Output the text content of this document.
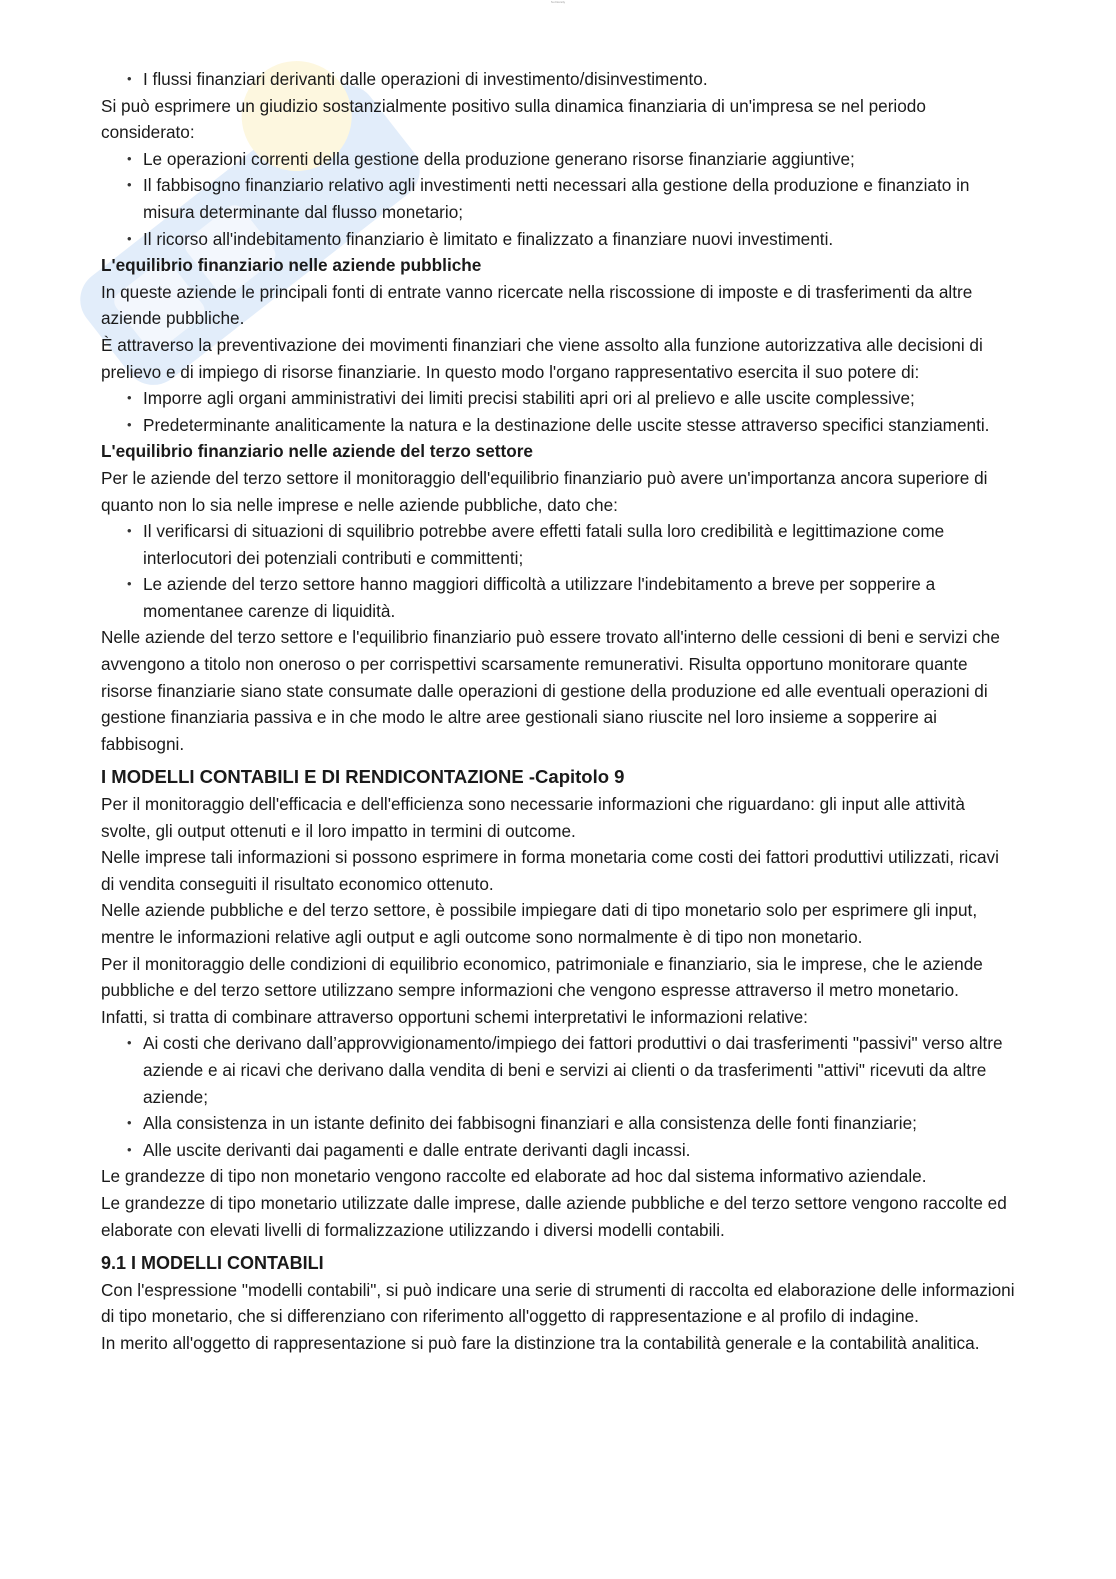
Su Docsity
• I flussi finanziari derivanti dalle operazioni di investimento/disinvestimento.

Si può esprimere un giudizio sostanzialmente positivo sulla dinamica finanziaria di un'impresa se nel periodo considerato:

• Le operazioni correnti della gestione della produzione generano risorse finanziarie aggiuntive;
• Il fabbisogno finanziario relativo agli investimenti netti necessari alla gestione della produzione e finanziato in misura determinante dal flusso monetario;
• Il ricorso all'indebitamento finanziario è limitato e finalizzato a finanziare nuovi investimenti.
L'equilibrio finanziario nelle aziende pubbliche

In queste aziende le principali fonti di entrate vanno ricercate nella riscossione di imposte e di trasferimenti da altre aziende pubbliche.

È attraverso la preventivazione dei movimenti finanziari che viene assolto alla funzione autorizzativa alle decisioni di prelievo e di impiego di risorse finanziarie. In questo modo l'organo rappresentativo esercita il suo potere di:

• Imporre agli organi amministrativi dei limiti precisi stabiliti apri ori al prelievo e alle uscite complessive;
• Predeterminante analiticamente la natura e la destinazione delle uscite stesse attraverso specifici stanziamenti.
L'equilibrio finanziario nelle aziende del terzo settore

Per le aziende del terzo settore il monitoraggio dell'equilibrio finanziario può avere un'importanza ancora superiore di quanto non lo sia nelle imprese e nelle aziende pubbliche, dato che:

• Il verificarsi di situazioni di squilibrio potrebbe avere effetti fatali sulla loro credibilità e legittimazione come interlocutori dei potenziali contributi e committenti;
• Le aziende del terzo settore hanno maggiori difficoltà a utilizzare l'indebitamento a breve per sopperire a momentanee carenze di liquidità.

Nelle aziende del terzo settore e l'equilibrio finanziario può essere trovato all'interno delle cessioni di beni e servizi che avvengono a titolo non oneroso o per corrispettivi scarsamente remunerativi. Risulta opportuno monitorare quante risorse finanziarie siano state consumate dalle operazioni di gestione della produzione ed alle eventuali operazioni di gestione finanziaria passiva e in che modo le altre aree gestionali siano riuscite nel loro insieme a sopperire ai fabbisogni.

I MODELLI CONTABILI E DI RENDICONTAZIONE -Capitolo 9

Per il monitoraggio dell'efficacia e dell'efficienza sono necessarie informazioni che riguardano: gli input alle attività svolte, gli output ottenuti e il loro impatto in termini di outcome.

Nelle imprese tali informazioni si possono esprimere in forma monetaria come costi dei fattori produttivi utilizzati, ricavi di vendita conseguiti il risultato economico ottenuto.

Nelle aziende pubbliche e del terzo settore, è possibile impiegare dati di tipo monetario solo per esprimere gli input, mentre le informazioni relative agli output e agli outcome sono normalmente è di tipo non monetario.

Per il monitoraggio delle condizioni di equilibrio economico, patrimoniale e finanziario, sia le imprese, che le aziende pubbliche e del terzo settore utilizzano sempre informazioni che vengono espresse attraverso il metro monetario.

Infatti, si tratta di combinare attraverso opportuni schemi interpretativi le informazioni relative:

• Ai costi che derivano dall’approvvigionamento/impiego dei fattori produttivi o dai trasferimenti "passivi" verso altre aziende e ai ricavi che derivano dalla vendita di beni e servizi ai clienti o da trasferimenti "attivi" ricevuti da altre aziende;
• Alla consistenza in un istante definito dei fabbisogni finanziari e alla consistenza delle fonti finanziarie;
• Alle uscite derivanti dai pagamenti e dalle entrate derivanti dagli incassi.

Le grandezze di tipo non monetario vengono raccolte ed elaborate ad hoc dal sistema informativo aziendale.

Le grandezze di tipo monetario utilizzate dalle imprese, dalle aziende pubbliche e del terzo settore vengono raccolte ed elaborate con elevati livelli di formalizzazione utilizzando i diversi modelli contabili.

9.1 I MODELLI CONTABILI

Con l'espressione "modelli contabili", si può indicare una serie di strumenti di raccolta ed elaborazione delle informazioni di tipo monetario, che si differenziano con riferimento all'oggetto di rappresentazione e al profilo di indagine.

In merito all'oggetto di rappresentazione si può fare la distinzione tra la contabilità generale e la contabilità analitica.
